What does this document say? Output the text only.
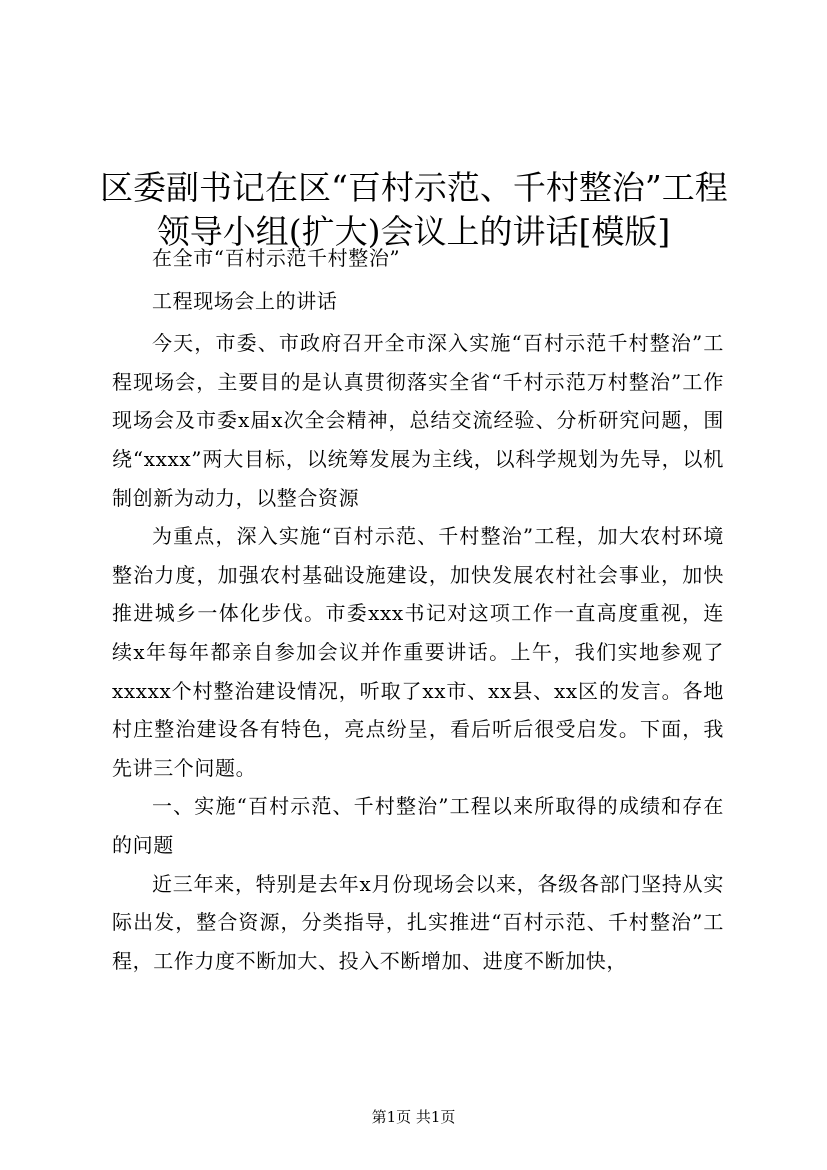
区委副书记在区“百村示范、千村整治”工程
领导小组(扩大)会议上的讲话[模版]

在全市“百村示范千村整治”

工程现场会上的讲话

今天，市委、市政府召开全市深入实施“百村示范千村整治”工程现场会，主要目的是认真贯彻落实全省“千村示范万村整治”工作现场会及市委x届x次全会精神，总结交流经验、分析研究问题，围绕“xxxx”两大目标，以统筹发展为主线，以科学规划为先导，以机制创新为动力，以整合资源

为重点，深入实施“百村示范、千村整治”工程，加大农村环境整治力度，加强农村基础设施建设，加快发展农村社会事业，加快推进城乡一体化步伐。市委xxx书记对这项工作一直高度重视，连续x年每年都亲自参加会议并作重要讲话。上午，我们实地参观了xxxxx个村整治建设情况，听取了xx市、xx县、xx区的发言。各地村庄整治建设各有特色，亮点纷呈，看后听后很受启发。下面，我先讲三个问题。

一、实施“百村示范、千村整治”工程以来所取得的成绩和存在的问题

近三年来，特别是去年x月份现场会以来，各级各部门坚持从实际出发，整合资源，分类指导，扎实推进“百村示范、千村整治”工程，工作力度不断加大、投入不断增加、进度不断加快，

第1页 共1页
